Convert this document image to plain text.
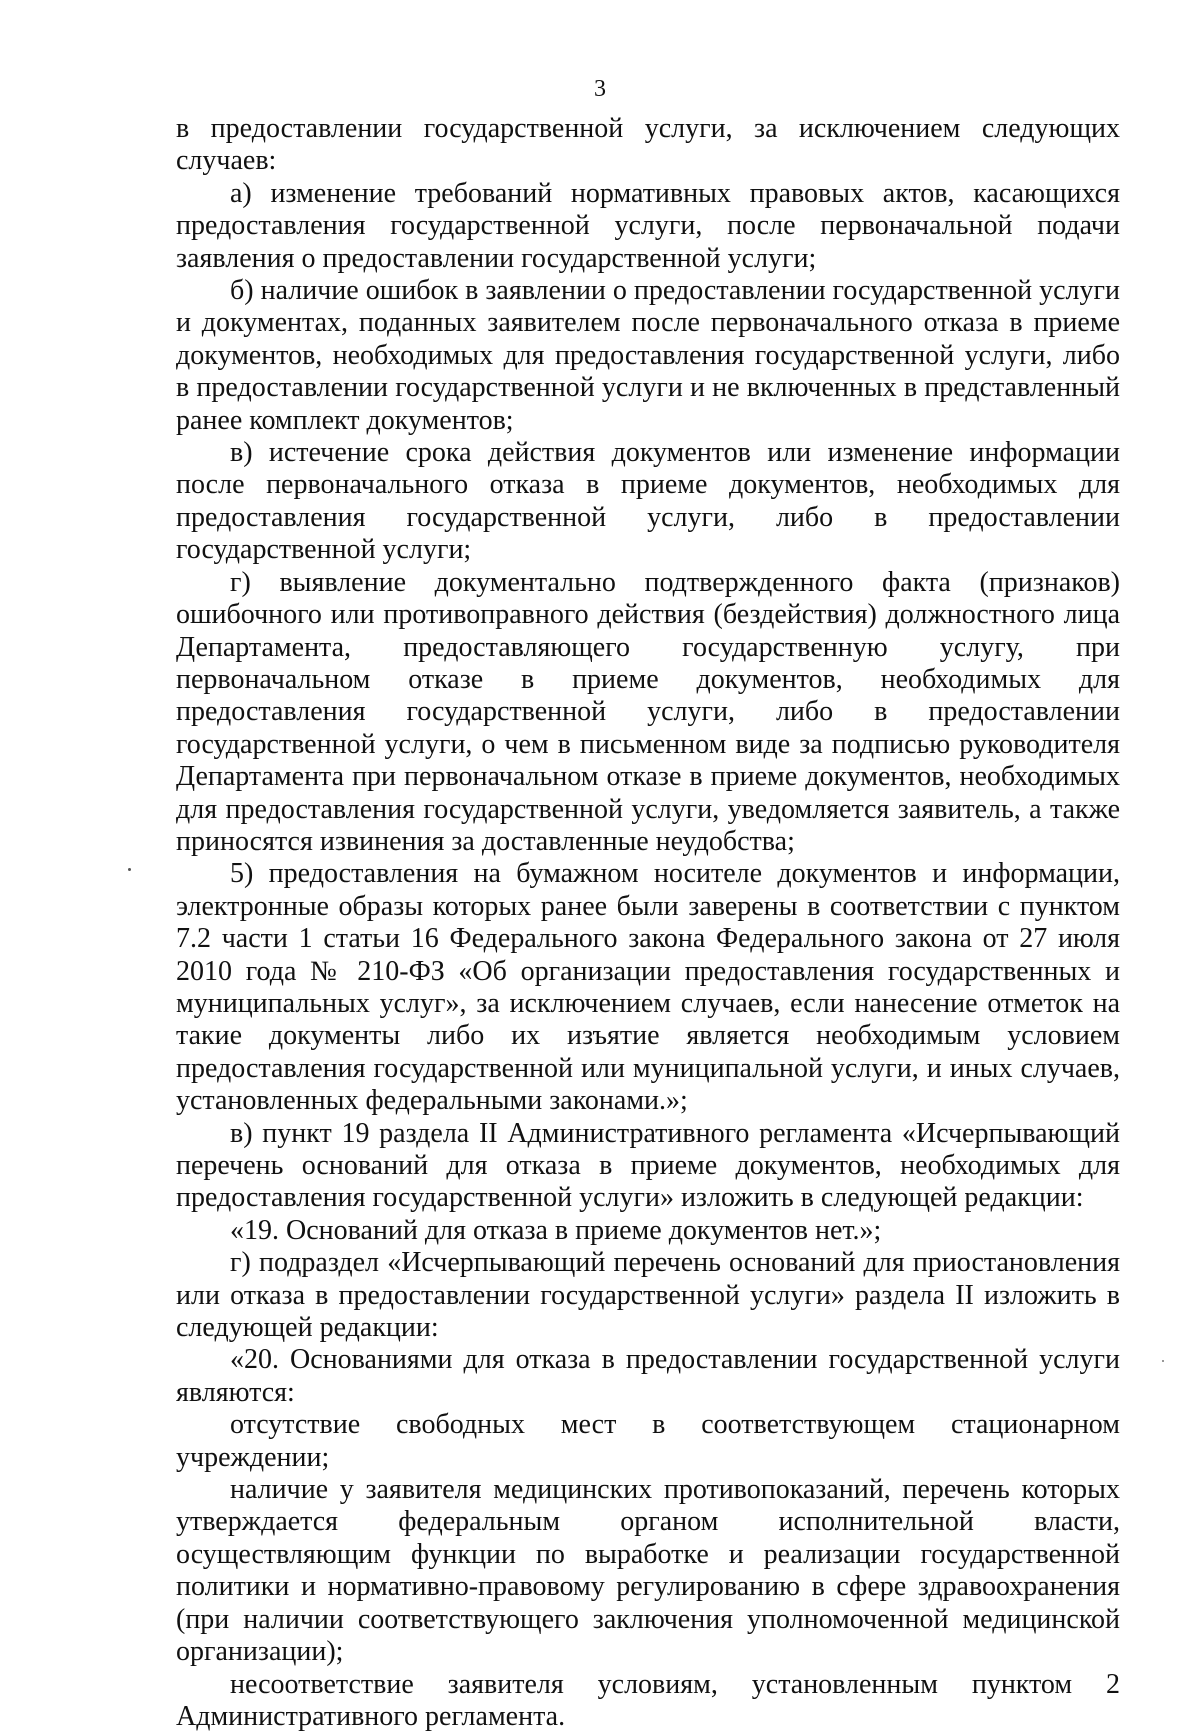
3

в предоставлении государственной услуги, за исключением следующих случаев:

а) изменение требований нормативных правовых актов, касающихся предоставления государственной услуги, после первоначальной подачи заявления о предоставлении государственной услуги;

б) наличие ошибок в заявлении о предоставлении государственной услуги и документах, поданных заявителем после первоначального отказа в приеме документов, необходимых для предоставления государственной услуги, либо в предоставлении государственной услуги и не включенных в представленный ранее комплект документов;

в) истечение срока действия документов или изменение информации после первоначального отказа в приеме документов, необходимых для предоставления государственной услуги, либо в предоставлении государственной услуги;

г) выявление документально подтвержденного факта (признаков) ошибочного или противоправного действия (бездействия) должностного лица Департамента, предоставляющего государственную услугу, при первоначальном отказе в приеме документов, необходимых для предоставления государственной услуги, либо в предоставлении государственной услуги, о чем в письменном виде за подписью руководителя Департамента при первоначальном отказе в приеме документов, необходимых для предоставления государственной услуги, уведомляется заявитель, а также приносятся извинения за доставленные неудобства;

5) предоставления на бумажном носителе документов и информации, электронные образы которых ранее были заверены в соответствии с пунктом 7.2 части 1 статьи 16 Федерального закона Федерального закона от 27 июля 2010 года № 210-ФЗ «Об организации предоставления государственных и муниципальных услуг», за исключением случаев, если нанесение отметок на такие документы либо их изъятие является необходимым условием предоставления государственной или муниципальной услуги, и иных случаев, установленных федеральными законами.»;

в) пункт 19 раздела II Административного регламента «Исчерпывающий перечень оснований для отказа в приеме документов, необходимых для предоставления государственной услуги» изложить в следующей редакции:

«19. Оснований для отказа в приеме документов нет.»;

г) подраздел «Исчерпывающий перечень оснований для приостановления или отказа в предоставлении государственной услуги» раздела II изложить в следующей редакции:

«20. Основаниями для отказа в предоставлении государственной услуги являются:

отсутствие свободных мест в соответствующем стационарном учреждении;

наличие у заявителя медицинских противопоказаний, перечень которых утверждается федеральным органом исполнительной власти, осуществляющим функции по выработке и реализации государственной политики и нормативно-правовому регулированию в сфере здравоохранения (при наличии соответствующего заключения уполномоченной медицинской организации);

несоответствие заявителя условиям, установленным пунктом 2 Административного регламента.
